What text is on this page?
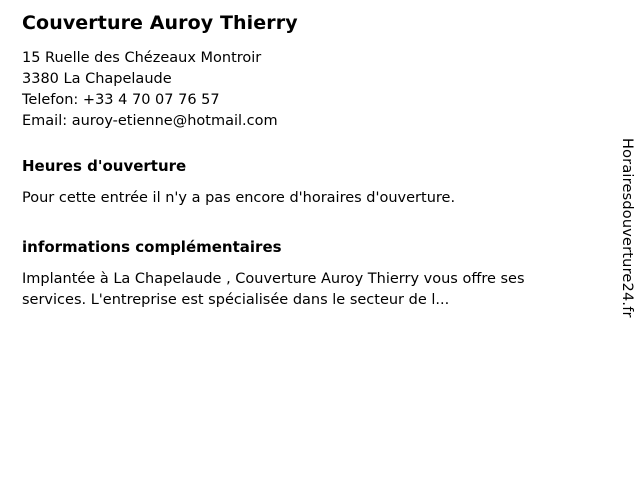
Couverture Auroy Thierry

15 Ruelle des Chézeaux Montroir

3380 La Chapelaude

Telefon: +33 4 70 07 76 57

Email: auroy-etienne@hotmail.com

Heures d'ouverture

Pour cette entrée il n'y a pas encore d'horaires d'ouverture.

informations complémentaires

Implantée à La Chapelaude , Couverture Auroy Thierry vous offre ses services. L'entreprise est spécialisée dans le secteur de l...	Horairesdouverture24.fr
